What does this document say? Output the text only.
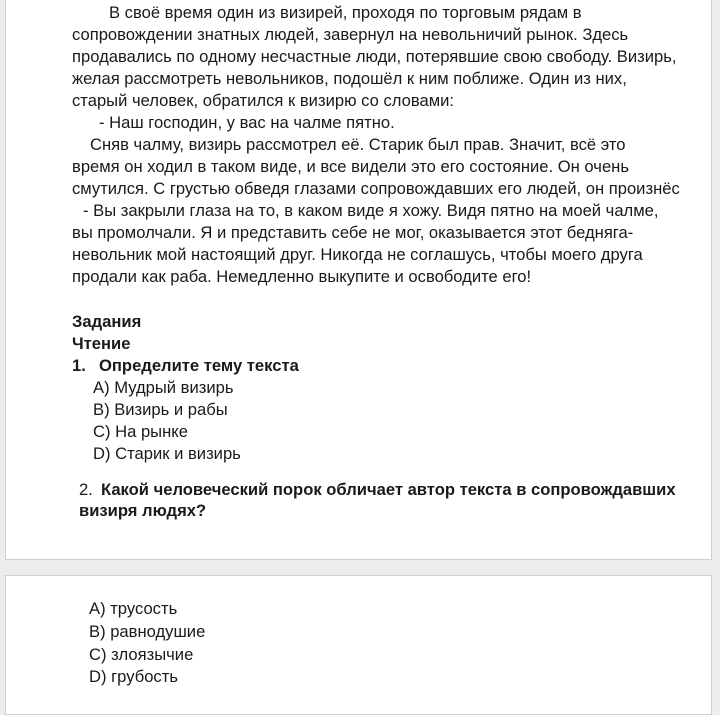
В своё время один из визирей, проходя по торговым рядам в
сопровождении знатных людей, завернул на невольничий рынок. Здесь
продавались по одному несчастные люди, потерявшие свою свободу. Визирь,
желая рассмотреть невольников, подошёл к ним поближе. Один из них,
старый человек, обратился к визирю со словами:
- Наш господин, у вас на чалме пятно.
Сняв чалму, визирь рассмотрел её. Старик был прав. Значит, всё это
время он ходил в таком виде, и все видели это его состояние. Он очень
смутился. С грустью обведя глазами сопровождавших его людей, он произнёс
- Вы закрыли глаза на то, в каком виде я хожу. Видя пятно на моей чалме,
вы промолчали. Я и представить себе не мог, оказывается этот бедняга-
невольник мой настоящий друг. Никогда не соглашусь, чтобы моего друга
продали как раба. Немедленно выкупите и освободите его!
Задания
Чтение
1. Определите тему текста
A) Мудрый визирь
B) Визирь и рабы
C) На рынке
D) Старик и визирь
2. Какой человеческий порок обличает автор текста в сопровождавших
визиря людях?
A) трусость
B) равнодушие
C) злоязычие
D) грубость
